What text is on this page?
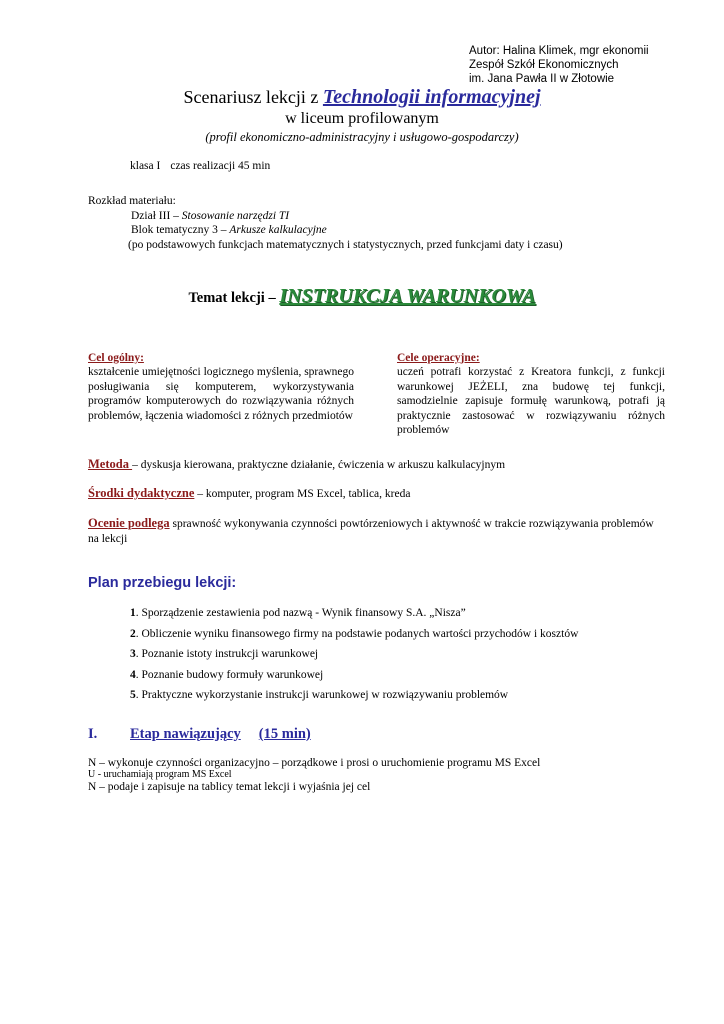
Autor: Halina Klimek, mgr ekonomii
Zespół Szkół Ekonomicznych
im. Jana Pawła II w Złotowie
Scenariusz lekcji z Technologii informacyjnej
w liceum profilowanym
(profil ekonomiczno-administracyjny i usługowo-gospodarczy)
klasa I czas realizacji 45 min
Rozkład materiału:
Dział III – Stosowanie narzędzi TI
Blok tematyczny 3 – Arkusze kalkulacyjne
(po podstawowych funkcjach matematycznych i statystycznych, przed funkcjami daty i czasu)
Temat lekcji – INSTRUKCJA WARUNKOWA
Cel ogólny:
kształcenie umiejętności logicznego myślenia, sprawnego posługiwania się komputerem, wykorzystywania programów komputerowych do rozwiązywania różnych problemów, łączenia wiadomości z różnych przedmiotów
Cele operacyjne:
uczeń potrafi korzystać z Kreatora funkcji, z funkcji warunkowej JEŻELI, zna budowę tej funkcji, samodzielnie zapisuje formułę warunkową, potrafi ją praktycznie zastosować w rozwiązywaniu różnych problemów
Metoda – dyskusja kierowana, praktyczne działanie, ćwiczenia w arkuszu kalkulacyjnym
Środki dydaktyczne – komputer, program MS Excel, tablica, kreda
Ocenie podlega sprawność wykonywania czynności powtórzeniowych i aktywność w trakcie rozwiązywania problemów na lekcji
Plan przebiegu lekcji:
1. Sporządzenie zestawienia pod nazwą - Wynik finansowy S.A. „Nisza”
2. Obliczenie wyniku finansowego firmy na podstawie podanych wartości przychodów i kosztów
3. Poznanie istoty instrukcji warunkowej
4. Poznanie budowy formuły warunkowej
5. Praktyczne wykorzystanie instrukcji warunkowej w rozwiązywaniu problemów
I. Etap nawiązujący (15 min)
N – wykonuje czynności organizacyjno – porządkowe i prosi o uruchomienie programu MS Excel
U - uruchamiają program MS Excel
N – podaje i zapisuje na tablicy temat lekcji i wyjaśnia jej cel
